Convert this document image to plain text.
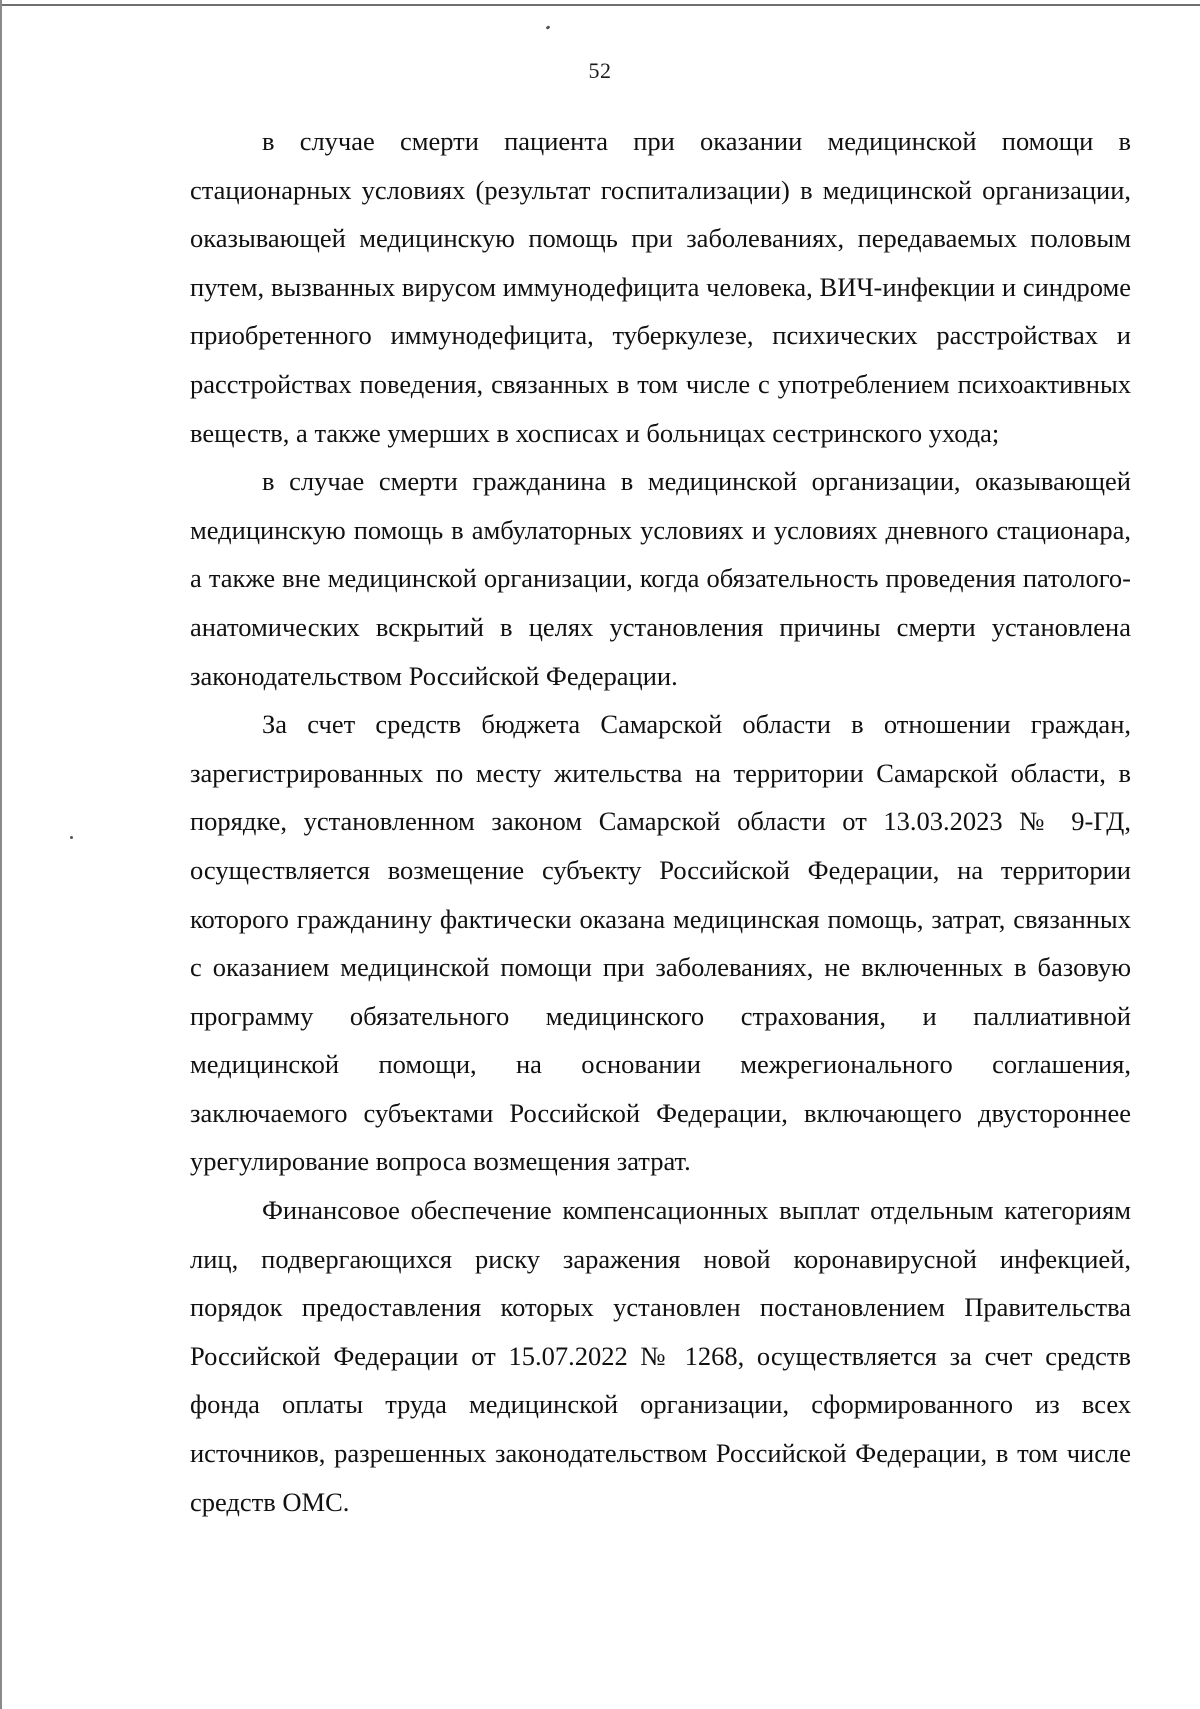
52

в случае смерти пациента при оказании медицинской помощи в стационарных условиях (результат госпитализации) в медицинской организации, оказывающей медицинскую помощь при заболеваниях, передаваемых половым путем, вызванных вирусом иммунодефицита человека, ВИЧ-инфекции и синдроме приобретенного иммунодефицита, туберкулезе, психических расстройствах и расстройствах поведения, связанных в том числе с употреблением психоактивных веществ, а также умерших в хосписах и больницах сестринского ухода;

в случае смерти гражданина в медицинской организации, оказывающей медицинскую помощь в амбулаторных условиях и условиях дневного стационара, а также вне медицинской организации, когда обязательность проведения патолого-анатомических вскрытий в целях установления причины смерти установлена законодательством Российской Федерации.

За счет средств бюджета Самарской области в отношении граждан, зарегистрированных по месту жительства на территории Самарской области, в порядке, установленном законом Самарской области от 13.03.2023 № 9-ГД, осуществляется возмещение субъекту Российской Федерации, на территории которого гражданину фактически оказана медицинская помощь, затрат, связанных с оказанием медицинской помощи при заболеваниях, не включенных в базовую программу обязательного медицинского страхования, и паллиативной медицинской помощи, на основании межрегионального соглашения, заключаемого субъектами Российской Федерации, включающего двустороннее урегулирование вопроса возмещения затрат.

Финансовое обеспечение компенсационных выплат отдельным категориям лиц, подвергающихся риску заражения новой коронавирусной инфекцией, порядок предоставления которых установлен постановлением Правительства Российской Федерации от 15.07.2022 № 1268, осуществляется за счет средств фонда оплаты труда медицинской организации, сформированного из всех источников, разрешенных законодательством Российской Федерации, в том числе средств ОМС.
